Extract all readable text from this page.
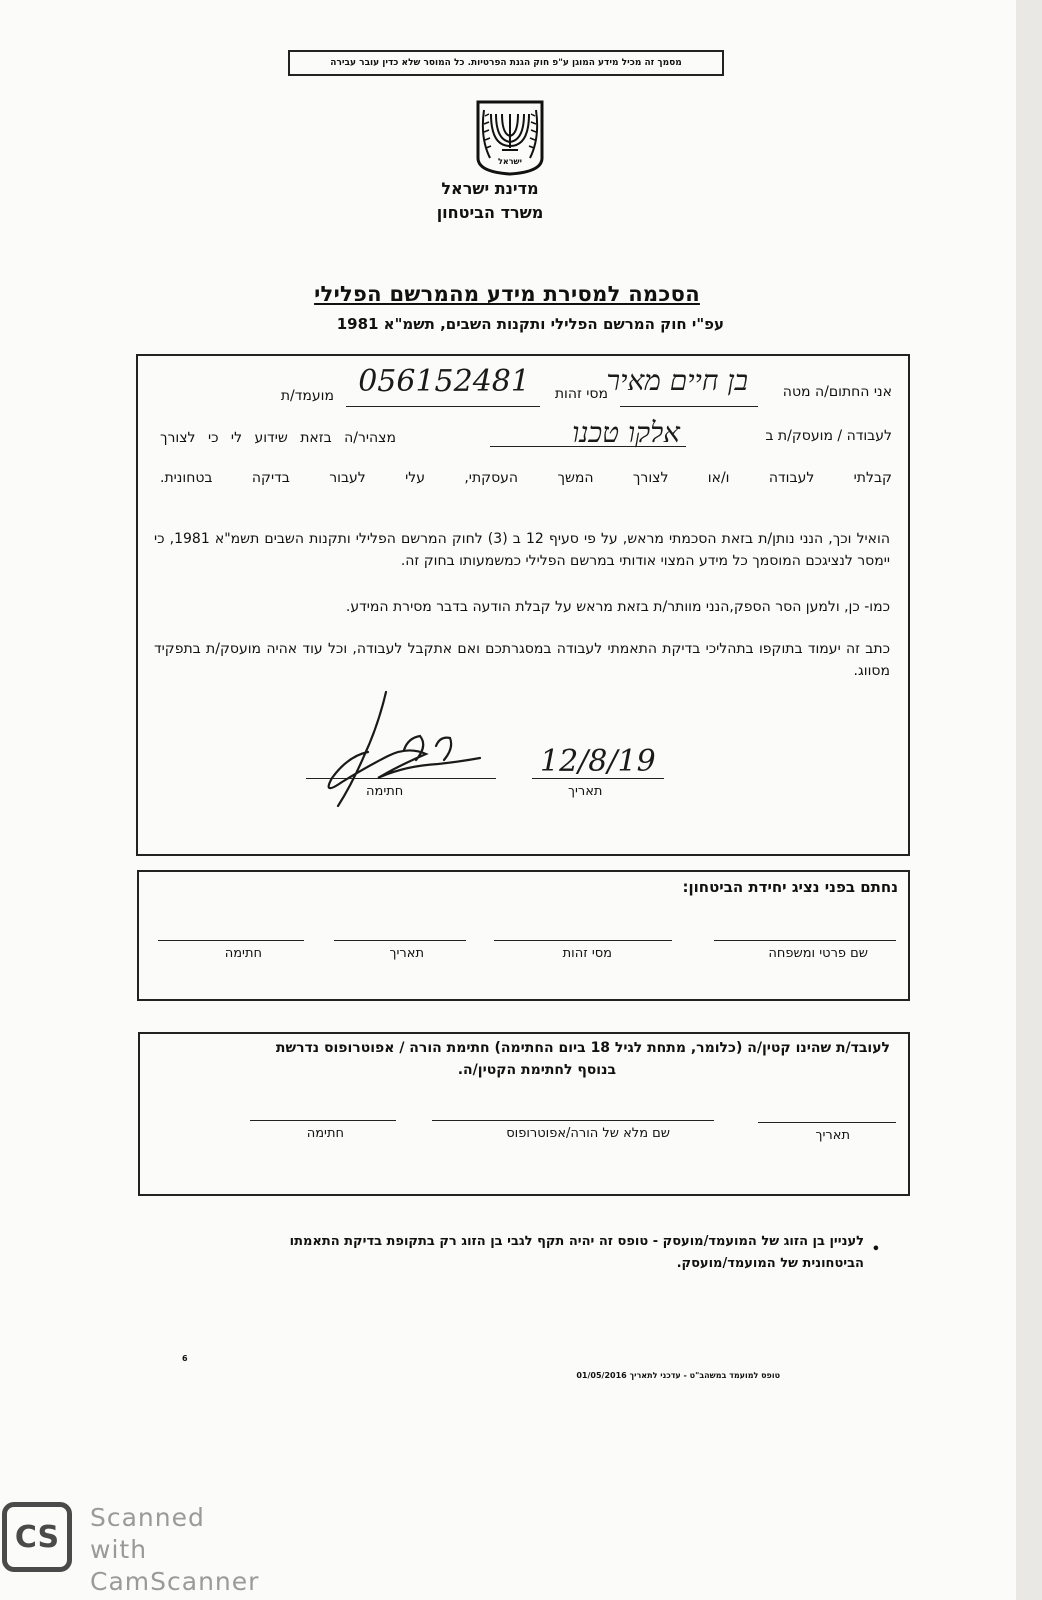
מסמך זה מכיל מידע המוגן ע"פ חוק הגנת הפרטיות. כל המוסר שלא כדין עובר עבירה
ישראל
מדינת ישראל
משרד הביטחון
הסכמה למסירת מידע מהמרשם הפלילי
עפ"י חוק המרשם הפלילי ותקנות השבים, תשמ"א 1981
אני החתום/ה מטה
בן חיים מאיר
מסי זהות
056152481
מועמד/ת
לעבודה / מועסק/ת ב
אלקו טכנו
מצהיר/ה בזאת שידוע לי כי לצורך
קבלתי לעבודה ו/או לצורך המשך העסקתי, עלי לעבור בדיקה בטחונית.
הואיל וכך, הנני נותן/ת בזאת הסכמתי מראש, על פי סעיף 12 ב (3) לחוק המרשם הפלילי ותקנות השבים תשמ"א 1981, כי יימסר לנציגכם המוסמך כל מידע המצוי אודותי במרשם הפלילי כמשמעותו בחוק זה.
כמו- כן, ולמען הסר הספק,הנני מוותר/ת בזאת מראש על קבלת הודעה בדבר מסירת המידע.
כתב זה יעמוד בתוקפו בתהליכי בדיקת התאמתי לעבודה במסגרתכם ואם אתקבל לעבודה, וכל עוד אהיה מועסק/ת בתפקיד מסווג.
12/8/19
תאריך
חתימה
נחתם בפני נציג יחידת הביטחון:
שם פרטי ומשפחה
מסי זהות
תאריך
חתימה
לעובד/ת שהינו קטין/ה (כלומר, מתחת לגיל 18 ביום החתימה) חתימת הורה / אפוטרופוס נדרשת
בנוסף לחתימת הקטין/ה.
תאריך
שם מלא של הורה/אפוטרופוס
חתימה
•
לעניין בן הזוג של המועמד/מועסק - טופס זה יהיה תקף לגבי בן הזוג רק בתקופת בדיקת התאמתו
הביטחונית של המועמד/מועסק.
6
טופס למועמד במשהב"ט - עדכני לתאריך 01/05/2016
CS
Scanned with
CamScanner
